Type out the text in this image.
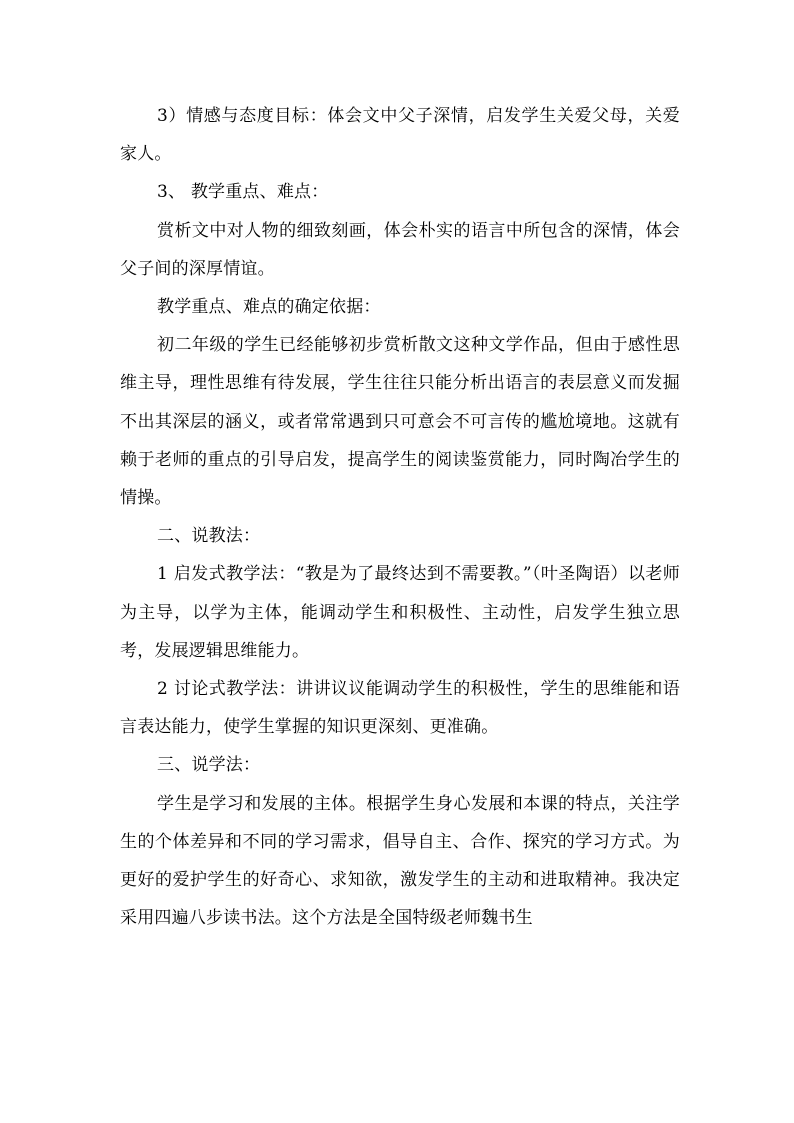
3）情感与态度目标：体会文中父子深情，启发学生关爱父母，关爱家人。

3、 教学重点、难点：

赏析文中对人物的细致刻画，体会朴实的语言中所包含的深情，体会父子间的深厚情谊。

教学重点、难点的确定依据：

初二年级的学生已经能够初步赏析散文这种文学作品，但由于感性思维主导，理性思维有待发展，学生往往只能分析出语言的表层意义而发掘不出其深层的涵义，或者常常遇到只可意会不可言传的尴尬境地。这就有赖于老师的重点的引导启发，提高学生的阅读鉴赏能力，同时陶冶学生的情操。

二、说教法：

1 启发式教学法：“教是为了最终达到不需要教。”（叶圣陶语）以老师为主导，以学为主体，能调动学生和积极性、主动性，启发学生独立思考，发展逻辑思维能力。

2 讨论式教学法：讲讲议议能调动学生的积极性，学生的思维能和语言表达能力，使学生掌握的知识更深刻、更准确。

三、说学法：

学生是学习和发展的主体。根据学生身心发展和本课的特点，关注学生的个体差异和不同的学习需求，倡导自主、合作、探究的学习方式。为更好的爱护学生的好奇心、求知欲，激发学生的主动和进取精神。我决定采用四遍八步读书法。这个方法是全国特级老师魏书生
